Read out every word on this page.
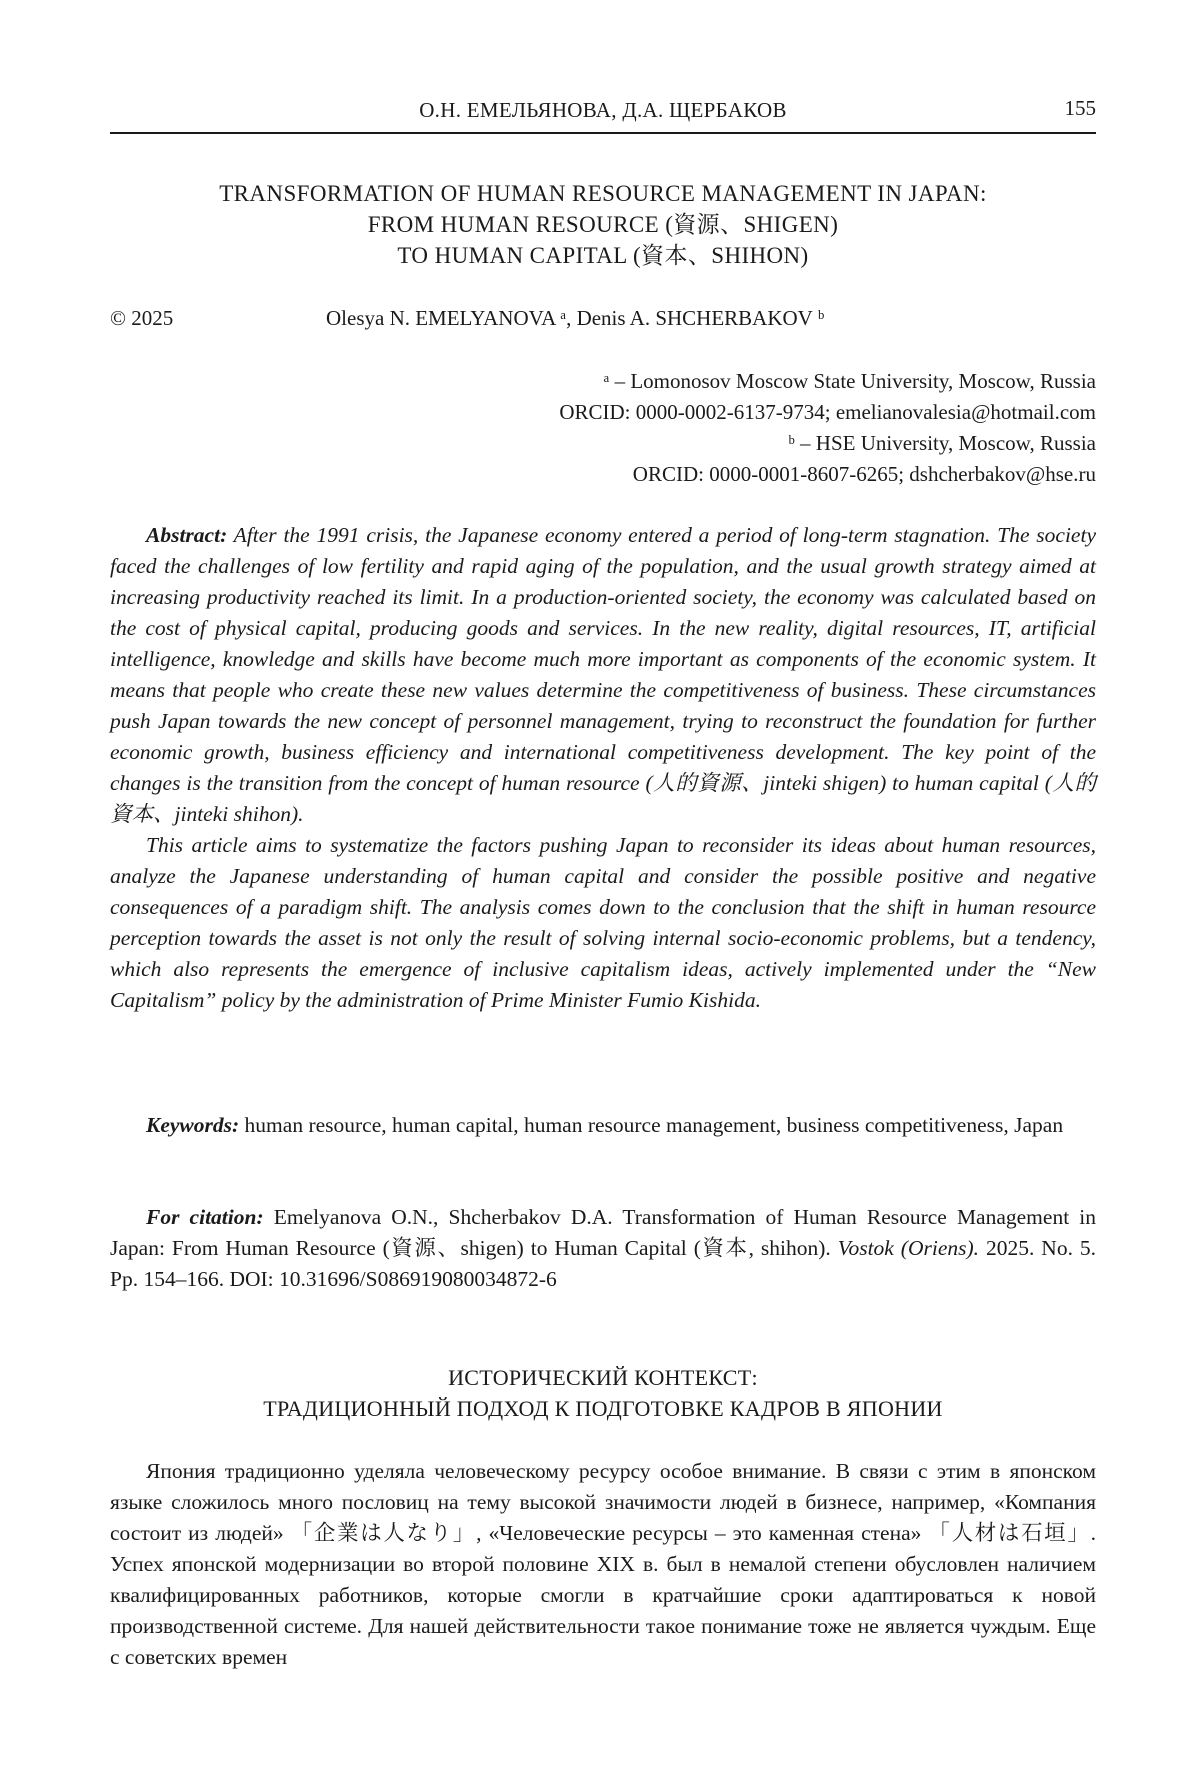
О.Н. ЕМЕЛЬЯНОВА, Д.А. ЩЕРБАКОВ	155
TRANSFORMATION OF HUMAN RESOURCE MANAGEMENT IN JAPAN:
FROM HUMAN RESOURCE (資源、SHIGEN)
TO HUMAN CAPITAL (資本、SHIHON)
© 2025	Olesya N. EMELYANOVA ᵃ, Denis A. SHCHERBAKOV ᵇ
ᵃ – Lomonosov Moscow State University, Moscow, Russia
ORCID: 0000-0002-6137-9734; emelianovalesia@hotmail.com
ᵇ – HSE University, Moscow, Russia
ORCID: 0000-0001-8607-6265; dshcherbakov@hse.ru

Abstract: After the 1991 crisis, the Japanese economy entered a period of long-term stagnation. The society faced the challenges of low fertility and rapid aging of the population, and the usual growth strategy aimed at increasing productivity reached its limit. In a production-oriented society, the economy was calculated based on the cost of physical capital, producing goods and services. In the new reality, digital resources, IT, artificial intelligence, knowledge and skills have become much more important as components of the economic system. It means that people who create these new values determine the competitiveness of business. These circumstances push Japan towards the new concept of personnel management, trying to reconstruct the foundation for further economic growth, business efficiency and international competitiveness development. The key point of the changes is the transition from the concept of human resource (人的資源、jinteki shigen) to human capital (人的資本、jinteki shihon).

This article aims to systematize the factors pushing Japan to reconsider its ideas about human resources, analyze the Japanese understanding of human capital and consider the possible positive and negative consequences of a paradigm shift. The analysis comes down to the conclusion that the shift in human resource perception towards the asset is not only the result of solving internal socio-economic problems, but a tendency, which also represents the emergence of inclusive capitalism ideas, actively implemented under the “New Capitalism” policy by the administration of Prime Minister Fumio Kishida.

Keywords: human resource, human capital, human resource management, business competitiveness, Japan

For citation: Emelyanova O.N., Shcherbakov D.A. Transformation of Human Resource Management in Japan: From Human Resource (資源、shigen) to Human Capital (資本, shihon). Vostok (Oriens). 2025. No. 5. Pp. 154–166. DOI: 10.31696/S086919080034872-6

ИСТОРИЧЕСКИЙ КОНТЕКСТ:
ТРАДИЦИОННЫЙ ПОДХОД К ПОДГОТОВКЕ КАДРОВ В ЯПОНИИ

Япония традиционно уделяла человеческому ресурсу особое внимание. В связи с этим в японском языке сложилось много пословиц на тему высокой значимости людей в бизнесе, например, «Компания состоит из людей» 「企業は人なり」, «Человеческие ресурсы – это каменная стена» 「人材は石垣」. Успех японской модернизации во второй половине XIX в. был в немалой степени обусловлен наличием квалифицированных работников, которые смогли в кратчайшие сроки адаптироваться к новой производственной системе. Для нашей действительности такое понимание тоже не является чуждым. Еще с советских времен
